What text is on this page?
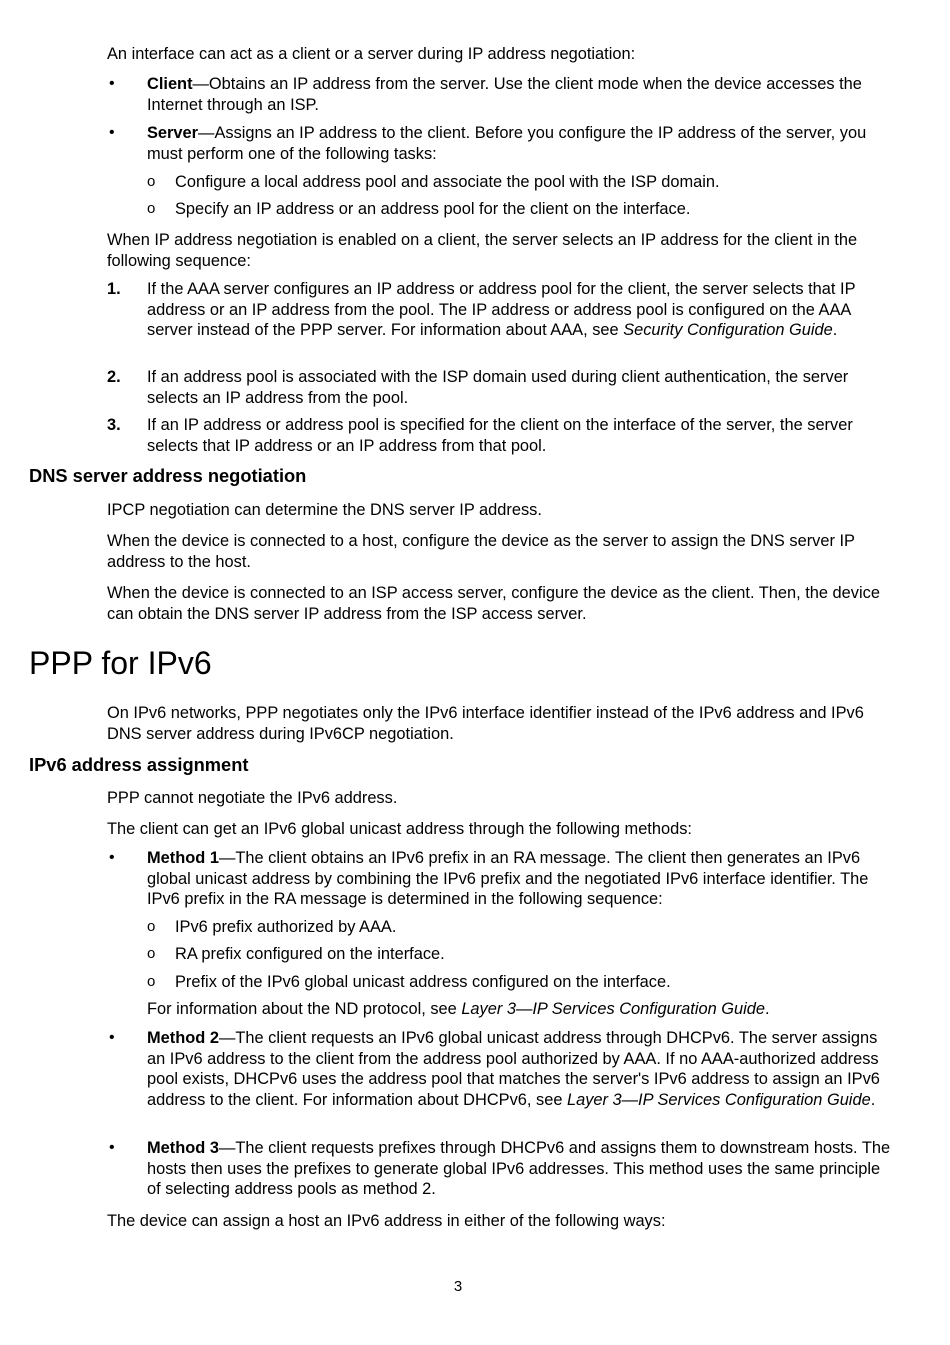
An interface can act as a client or a server during IP address negotiation:

•	Client—Obtains an IP address from the server. Use the client mode when the device accesses the Internet through an ISP.

•	Server—Assigns an IP address to the client. Before you configure the IP address of the server, you must perform one of the following tasks:

o Configure a local address pool and associate the pool with the ISP domain.

o Specify an IP address or an address pool for the client on the interface.

When IP address negotiation is enabled on a client, the server selects an IP address for the client in the following sequence:

1.	If the AAA server configures an IP address or address pool for the client, the server selects that IP address or an IP address from the pool. The IP address or address pool is configured on the AAA server instead of the PPP server. For information about AAA, see Security Configuration Guide.

2.	If an address pool is associated with the ISP domain used during client authentication, the server selects an IP address from the pool.

3.	If an IP address or address pool is specified for the client on the interface of the server, the server selects that IP address or an IP address from that pool.

DNS server address negotiation

IPCP negotiation can determine the DNS server IP address.

When the device is connected to a host, configure the device as the server to assign the DNS server IP address to the host.

When the device is connected to an ISP access server, configure the device as the client. Then, the device can obtain the DNS server IP address from the ISP access server.

PPP for IPv6

On IPv6 networks, PPP negotiates only the IPv6 interface identifier instead of the IPv6 address and IPv6 DNS server address during IPv6CP negotiation.

IPv6 address assignment

PPP cannot negotiate the IPv6 address.

The client can get an IPv6 global unicast address through the following methods:

•	Method 1—The client obtains an IPv6 prefix in an RA message. The client then generates an IPv6 global unicast address by combining the IPv6 prefix and the negotiated IPv6 interface identifier. The IPv6 prefix in the RA message is determined in the following sequence:

o IPv6 prefix authorized by AAA.

o RA prefix configured on the interface.

o Prefix of the IPv6 global unicast address configured on the interface.

For information about the ND protocol, see Layer 3—IP Services Configuration Guide.

•	Method 2—The client requests an IPv6 global unicast address through DHCPv6. The server assigns an IPv6 address to the client from the address pool authorized by AAA. If no AAA-authorized address pool exists, DHCPv6 uses the address pool that matches the server's IPv6 address to assign an IPv6 address to the client. For information about DHCPv6, see Layer 3—IP Services Configuration Guide.

•	Method 3—The client requests prefixes through DHCPv6 and assigns them to downstream hosts. The hosts then uses the prefixes to generate global IPv6 addresses. This method uses the same principle of selecting address pools as method 2.

The device can assign a host an IPv6 address in either of the following ways:

3
